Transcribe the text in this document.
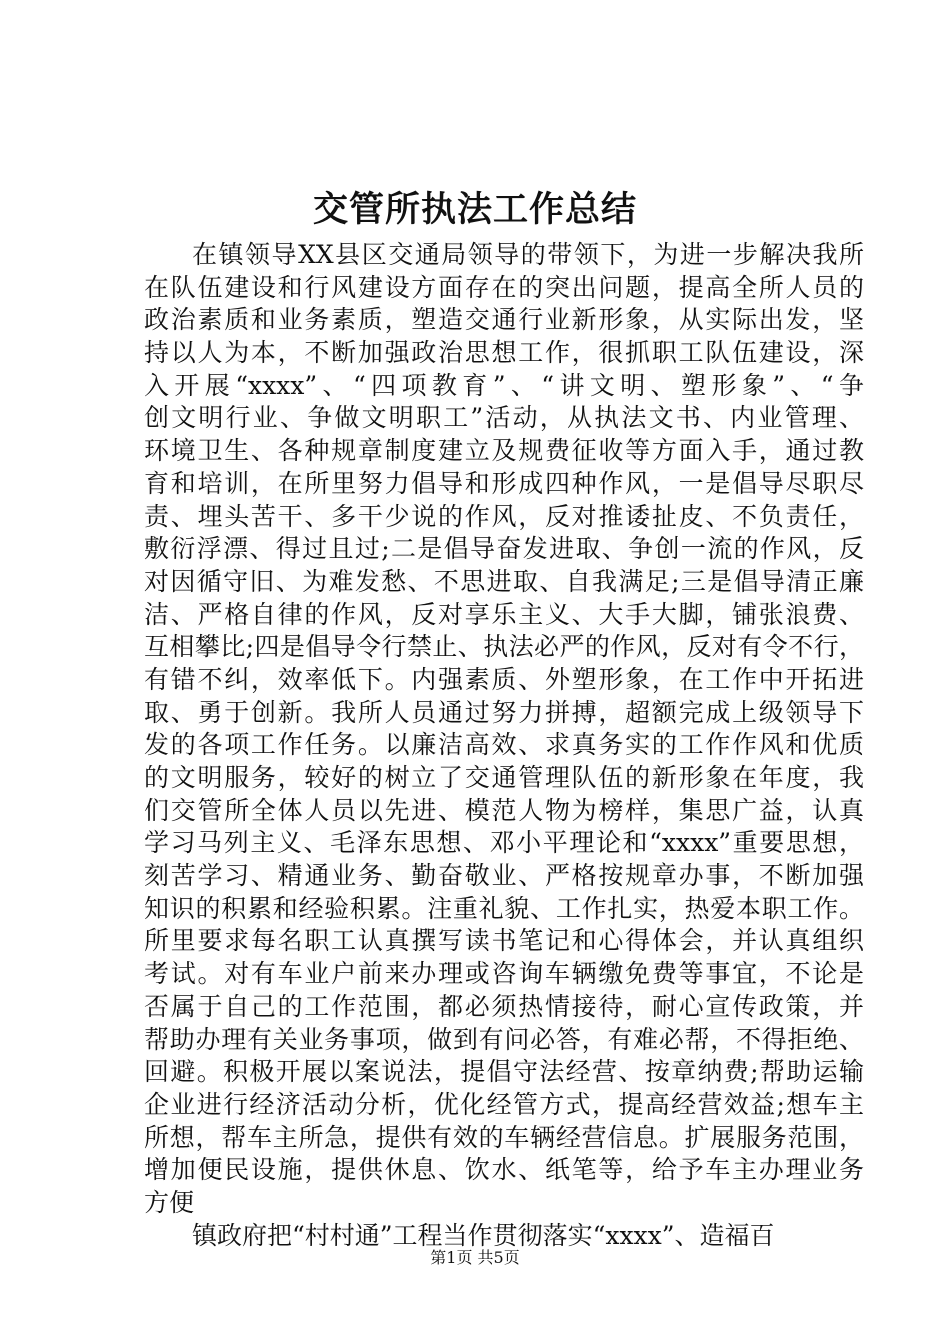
交管所执法工作总结
在镇领导XX县区交通局领导的带领下，为进一步解决我所
在队伍建设和行风建设方面存在的突出问题，提高全所人员的
政治素质和业务素质，塑造交通行业新形象，从实际出发，坚
持以人为本，不断加强政治思想工作，很抓职工队伍建设，深
入开展“xxxx”、“四项教育”、“讲文明、塑形象”、“争
创文明行业、争做文明职工”活动，从执法文书、内业管理、
环境卫生、各种规章制度建立及规费征收等方面入手，通过教
育和培训，在所里努力倡导和形成四种作风，一是倡导尽职尽
责、埋头苦干、多干少说的作风，反对推诿扯皮、不负责任，
敷衍浮漂、得过且过;二是倡导奋发进取、争创一流的作风，反
对因循守旧、为难发愁、不思进取、自我满足;三是倡导清正廉
洁、严格自律的作风，反对享乐主义、大手大脚，铺张浪费、
互相攀比;四是倡导令行禁止、执法必严的作风，反对有令不行，
有错不纠，效率低下。内强素质、外塑形象，在工作中开拓进
取、勇于创新。我所人员通过努力拼搏，超额完成上级领导下
发的各项工作任务。以廉洁高效、求真务实的工作作风和优质
的文明服务，较好的树立了交通管理队伍的新形象在年度，我
们交管所全体人员以先进、模范人物为榜样，集思广益，认真
学习马列主义、毛泽东思想、邓小平理论和“xxxx”重要思想，
刻苦学习、精通业务、勤奋敬业、严格按规章办事，不断加强
知识的积累和经验积累。注重礼貌、工作扎实，热爱本职工作。
所里要求每名职工认真撰写读书笔记和心得体会，并认真组织
考试。对有车业户前来办理或咨询车辆缴免费等事宜，不论是
否属于自己的工作范围，都必须热情接待，耐心宣传政策，并
帮助办理有关业务事项，做到有问必答，有难必帮，不得拒绝、
回避。积极开展以案说法，提倡守法经营、按章纳费;帮助运输
企业进行经济活动分析，优化经管方式，提高经营效益;想车主
所想，帮车主所急，提供有效的车辆经营信息。扩展服务范围，
增加便民设施，提供休息、饮水、纸笔等，给予车主办理业务
方便
镇政府把“村村通”工程当作贯彻落实“xxxx”、造福百
第1页 共5页
